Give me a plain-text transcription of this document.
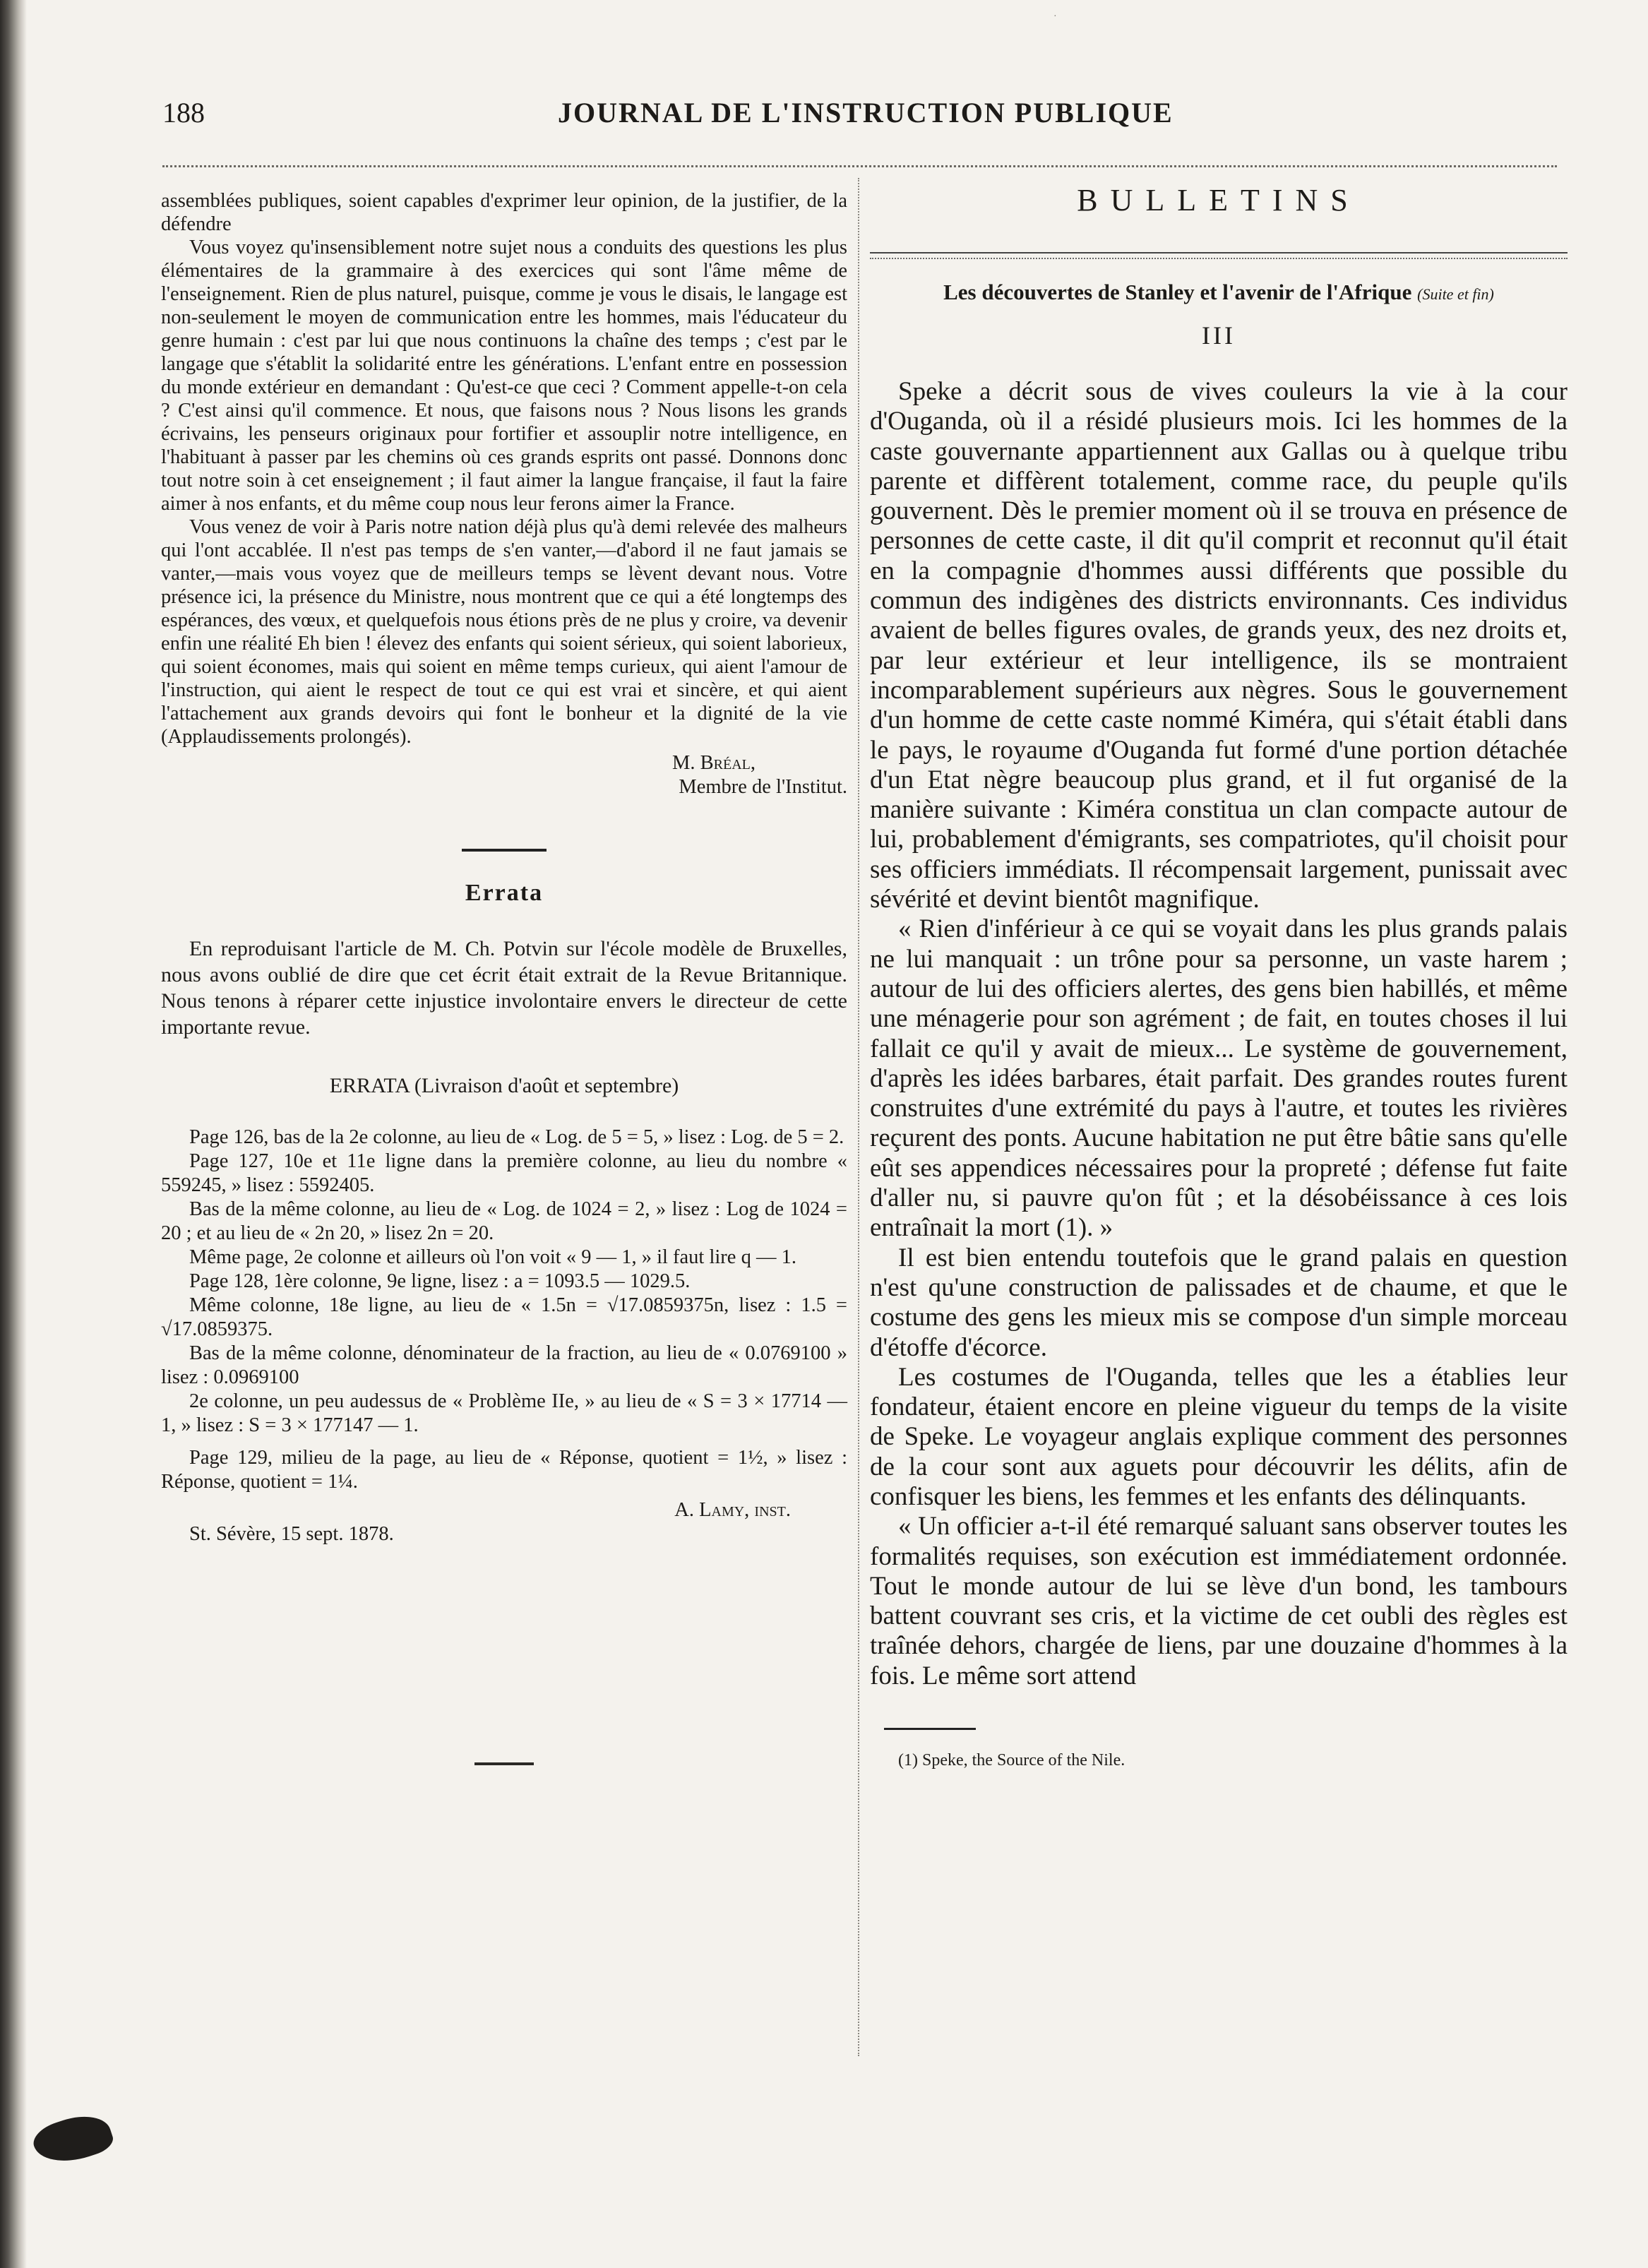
·
188	JOURNAL DE L'INSTRUCTION PUBLIQUE

assemblées publiques, soient capables d'exprimer leur opinion, de la justifier, de la défendre

Vous voyez qu'insensiblement notre sujet nous a conduits des questions les plus élémentaires de la grammaire à des exercices qui sont l'âme même de l'enseignement. Rien de plus naturel, puisque, comme je vous le disais, le langage est non-seulement le moyen de communication entre les hommes, mais l'éducateur du genre humain : c'est par lui que nous continuons la chaîne des temps ; c'est par le langage que s'établit la solidarité entre les générations. L'enfant entre en possession du monde extérieur en demandant : Qu'est-ce que ceci ? Comment appelle-t-on cela ? C'est ainsi qu'il commence. Et nous, que faisons nous ? Nous lisons les grands écrivains, les penseurs originaux pour fortifier et assouplir notre intelligence, en l'habituant à passer par les chemins où ces grands esprits ont passé. Donnons donc tout notre soin à cet enseignement ; il faut aimer la langue française, il faut la faire aimer à nos enfants, et du même coup nous leur ferons aimer la France.

Vous venez de voir à Paris notre nation déjà plus qu'à demi relevée des malheurs qui l'ont accablée. Il n'est pas temps de s'en vanter,—d'abord il ne faut jamais se vanter,—mais vous voyez que de meilleurs temps se lèvent devant nous. Votre présence ici, la présence du Ministre, nous montrent que ce qui a été longtemps des espérances, des vœux, et quelquefois nous étions près de ne plus y croire, va devenir enfin une réalité Eh bien ! élevez des enfants qui soient sérieux, qui soient laborieux, qui soient économes, mais qui soient en même temps curieux, qui aient l'amour de l'instruction, qui aient le respect de tout ce qui est vrai et sincère, et qui aient l'attachement aux grands devoirs qui font le bonheur et la dignité de la vie (Applaudissements prolongés).

M. Bréal,
Membre de l'Institut.
Errata

En reproduisant l'article de M. Ch. Potvin sur l'école modèle de Bruxelles, nous avons oublié de dire que cet écrit était extrait de la Revue Britannique. Nous tenons à réparer cette injustice involontaire envers le directeur de cette importante revue.

ERRATA (Livraison d'août et septembre)

Page 126, bas de la 2e colonne, au lieu de « Log. de 5 = 5, » lisez : Log. de 5 = 2.

Page 127, 10e et 11e ligne dans la première colonne, au lieu du nombre « 559245, » lisez : 5592405.

Bas de la même colonne, au lieu de « Log. de 1024 = 2, » lisez : Log de 1024 = 20 ; et au lieu de « 2n 20, » lisez 2n = 20.

Même page, 2e colonne et ailleurs où l'on voit « 9 — 1, » il faut lire q — 1.

Page 128, 1ère colonne, 9e ligne, lisez : a = 1093.5 — 1029.5.

Même colonne, 18e ligne, au lieu de « 1.5n = √17.0859375n, lisez : 1.5 = √17.0859375.

Bas de la même colonne, dénominateur de la fraction, au lieu de « 0.0769100 » lisez : 0.0969100

2e colonne, un peu audessus de « Problème IIe, » au lieu de « S = 3 × 17714 — 1, » lisez : S = 3 × 177147 — 1.

Page 129, milieu de la page, au lieu de « Réponse, quotient = 1½, » lisez : Réponse, quotient = 1¼.

A. Lamy, inst.
St. Sévère, 15 sept. 1878.
BULLETINS
Les découvertes de Stanley et l'avenir de l'Afrique (Suite et fin)
III

Speke a décrit sous de vives couleurs la vie à la cour d'Ouganda, où il a résidé plusieurs mois. Ici les hommes de la caste gouvernante appartiennent aux Gallas ou à quelque tribu parente et diffèrent totalement, comme race, du peuple qu'ils gouvernent. Dès le premier moment où il se trouva en présence de personnes de cette caste, il dit qu'il comprit et reconnut qu'il était en la compagnie d'hommes aussi différents que possible du commun des indigènes des districts environnants. Ces individus avaient de belles figures ovales, de grands yeux, des nez droits et, par leur extérieur et leur intelligence, ils se montraient incomparablement supérieurs aux nègres. Sous le gouvernement d'un homme de cette caste nommé Kiméra, qui s'était établi dans le pays, le royaume d'Ouganda fut formé d'une portion détachée d'un Etat nègre beaucoup plus grand, et il fut organisé de la manière suivante : Kiméra constitua un clan compacte autour de lui, probablement d'émigrants, ses compatriotes, qu'il choisit pour ses officiers immédiats. Il récompensait largement, punissait avec sévérité et devint bientôt magnifique.

« Rien d'inférieur à ce qui se voyait dans les plus grands palais ne lui manquait : un trône pour sa personne, un vaste harem ; autour de lui des officiers alertes, des gens bien habillés, et même une ménagerie pour son agrément ; de fait, en toutes choses il lui fallait ce qu'il y avait de mieux... Le système de gouvernement, d'après les idées barbares, était parfait. Des grandes routes furent construites d'une extrémité du pays à l'autre, et toutes les rivières reçurent des ponts. Aucune habitation ne put être bâtie sans qu'elle eût ses appendices nécessaires pour la propreté ; défense fut faite d'aller nu, si pauvre qu'on fût ; et la désobéissance à ces lois entraînait la mort (1). »

Il est bien entendu toutefois que le grand palais en question n'est qu'une construction de palissades et de chaume, et que le costume des gens les mieux mis se compose d'un simple morceau d'étoffe d'écorce.

Les costumes de l'Ouganda, telles que les a établies leur fondateur, étaient encore en pleine vigueur du temps de la visite de Speke. Le voyageur anglais explique comment des personnes de la cour sont aux aguets pour découvrir les délits, afin de confisquer les biens, les femmes et les enfants des délinquants.

« Un officier a-t-il été remarqué saluant sans observer toutes les formalités requises, son exécution est immédiatement ordonnée. Tout le monde autour de lui se lève d'un bond, les tambours battent couvrant ses cris, et la victime de cet oubli des règles est traînée dehors, chargée de liens, par une douzaine d'hommes à la fois. Le même sort attend

(1) Speke, the Source of the Nile.
